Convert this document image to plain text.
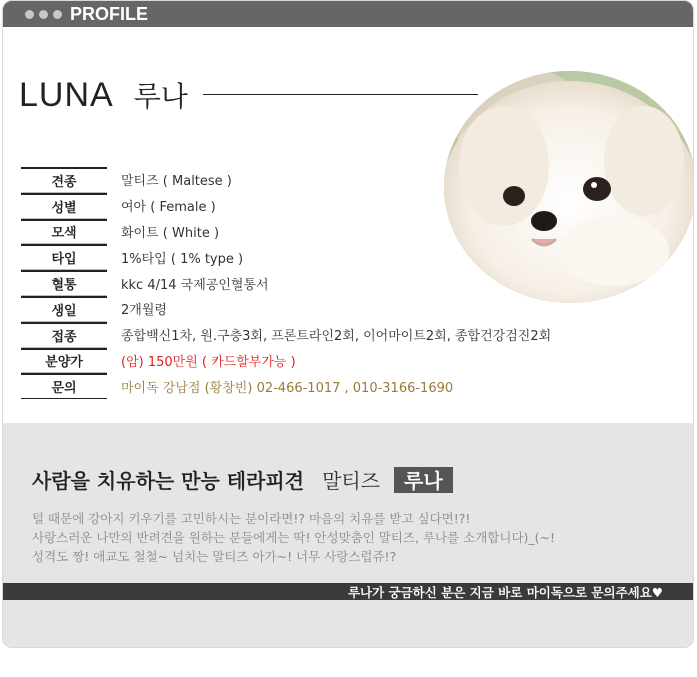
PROFILE
LUNA 루나
견종	말티즈 ( Maltese )
성별	여아 ( Female )
모색	화이트 ( White )
타입	1%타입 ( 1% type )
혈통	kkc 4/14 국제공인혈통서
생일	2개월령
접종	종합백신1차, 원.구충3회, 프론트라인2회, 이어마이트2회, 종합건강검진2회
분양가	(암) 150만원 ( 카드할부가능 )
문의	마이독 강남점 (황창빈) 02-466-1017 , 010-3166-1690
사람을 치유하는 만능 테라피견 말티즈	루나
털 때문에 강아지 키우기를 고민하시는 분이라면!? 마음의 치유를 받고 싶다면!?!
사랑스러운 나만의 반려견을 원하는 분들에게는 딱! 안성맞춤인 말티즈, 루나를 소개합니다)_(~!
성격도 짱! 애교도 철철~ 넘치는 말티즈 아가~! 너무 사랑스럽쥬!?
루나가 궁금하신 분은 지금 바로 마이독으로 문의주세요♥
